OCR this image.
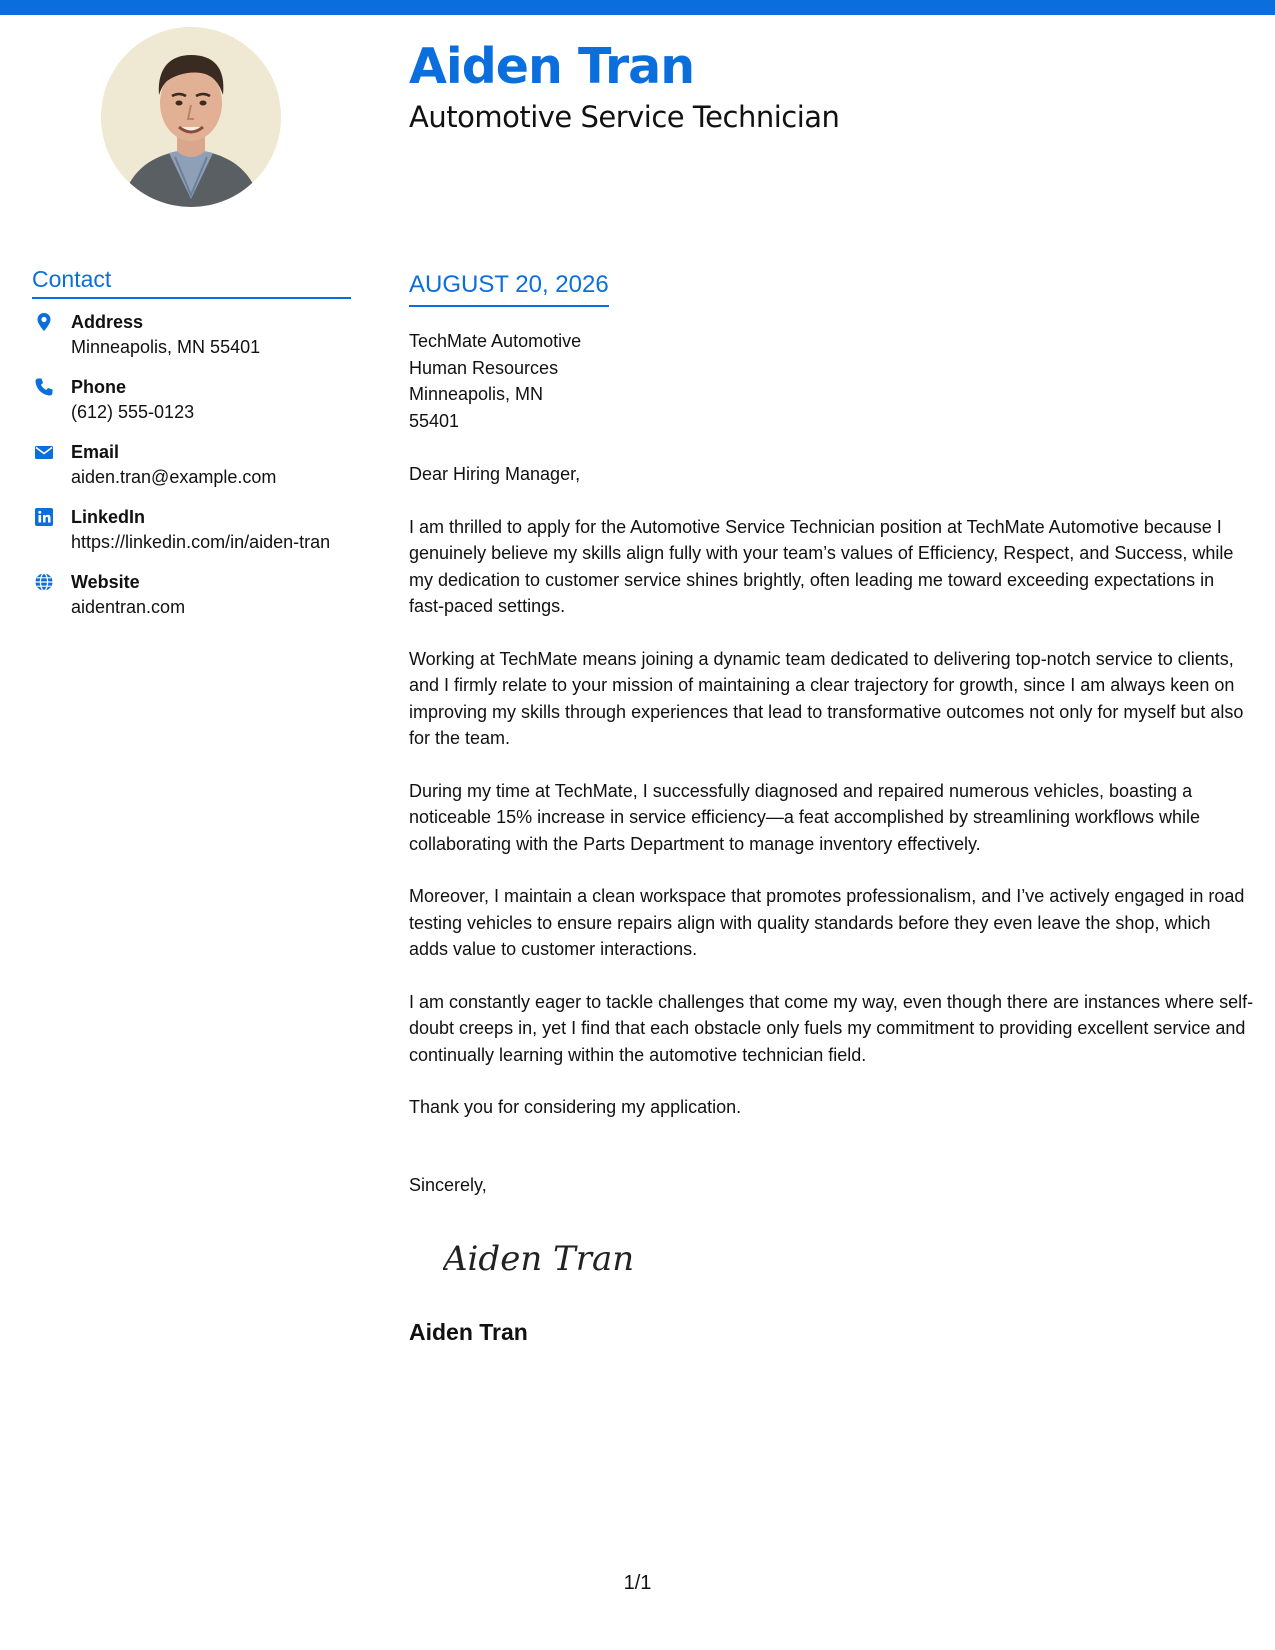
Aiden Tran
Automotive Service Technician
Contact
Address
Minneapolis, MN 55401
Phone
(612) 555-0123
Email
aiden.tran@example.com
LinkedIn
https://linkedin.com/in/aiden-tran
Website
aidentran.com
AUGUST 20, 2026
TechMate Automotive
Human Resources
Minneapolis, MN
55401

Dear Hiring Manager,

I am thrilled to apply for the Automotive Service Technician position at TechMate Automotive because I genuinely believe my skills align fully with your team’s values of Efficiency, Respect, and Success, while my dedication to customer service shines brightly, often leading me toward exceeding expectations in fast-paced settings.

Working at TechMate means joining a dynamic team dedicated to delivering top-notch service to clients, and I firmly relate to your mission of maintaining a clear trajectory for growth, since I am always keen on improving my skills through experiences that lead to transformative outcomes not only for myself but also for the team.

During my time at TechMate, I successfully diagnosed and repaired numerous vehicles, boasting a noticeable 15% increase in service efficiency—a feat accomplished by streamlining workflows while collaborating with the Parts Department to manage inventory effectively.

Moreover, I maintain a clean workspace that promotes professionalism, and I’ve actively engaged in road testing vehicles to ensure repairs align with quality standards before they even leave the shop, which adds value to customer interactions.

I am constantly eager to tackle challenges that come my way, even though there are instances where self-doubt creeps in, yet I find that each obstacle only fuels my commitment to providing excellent service and continually learning within the automotive technician field.

Thank you for considering my application.

Sincerely,
Aiden Tran
Aiden Tran
1/1
